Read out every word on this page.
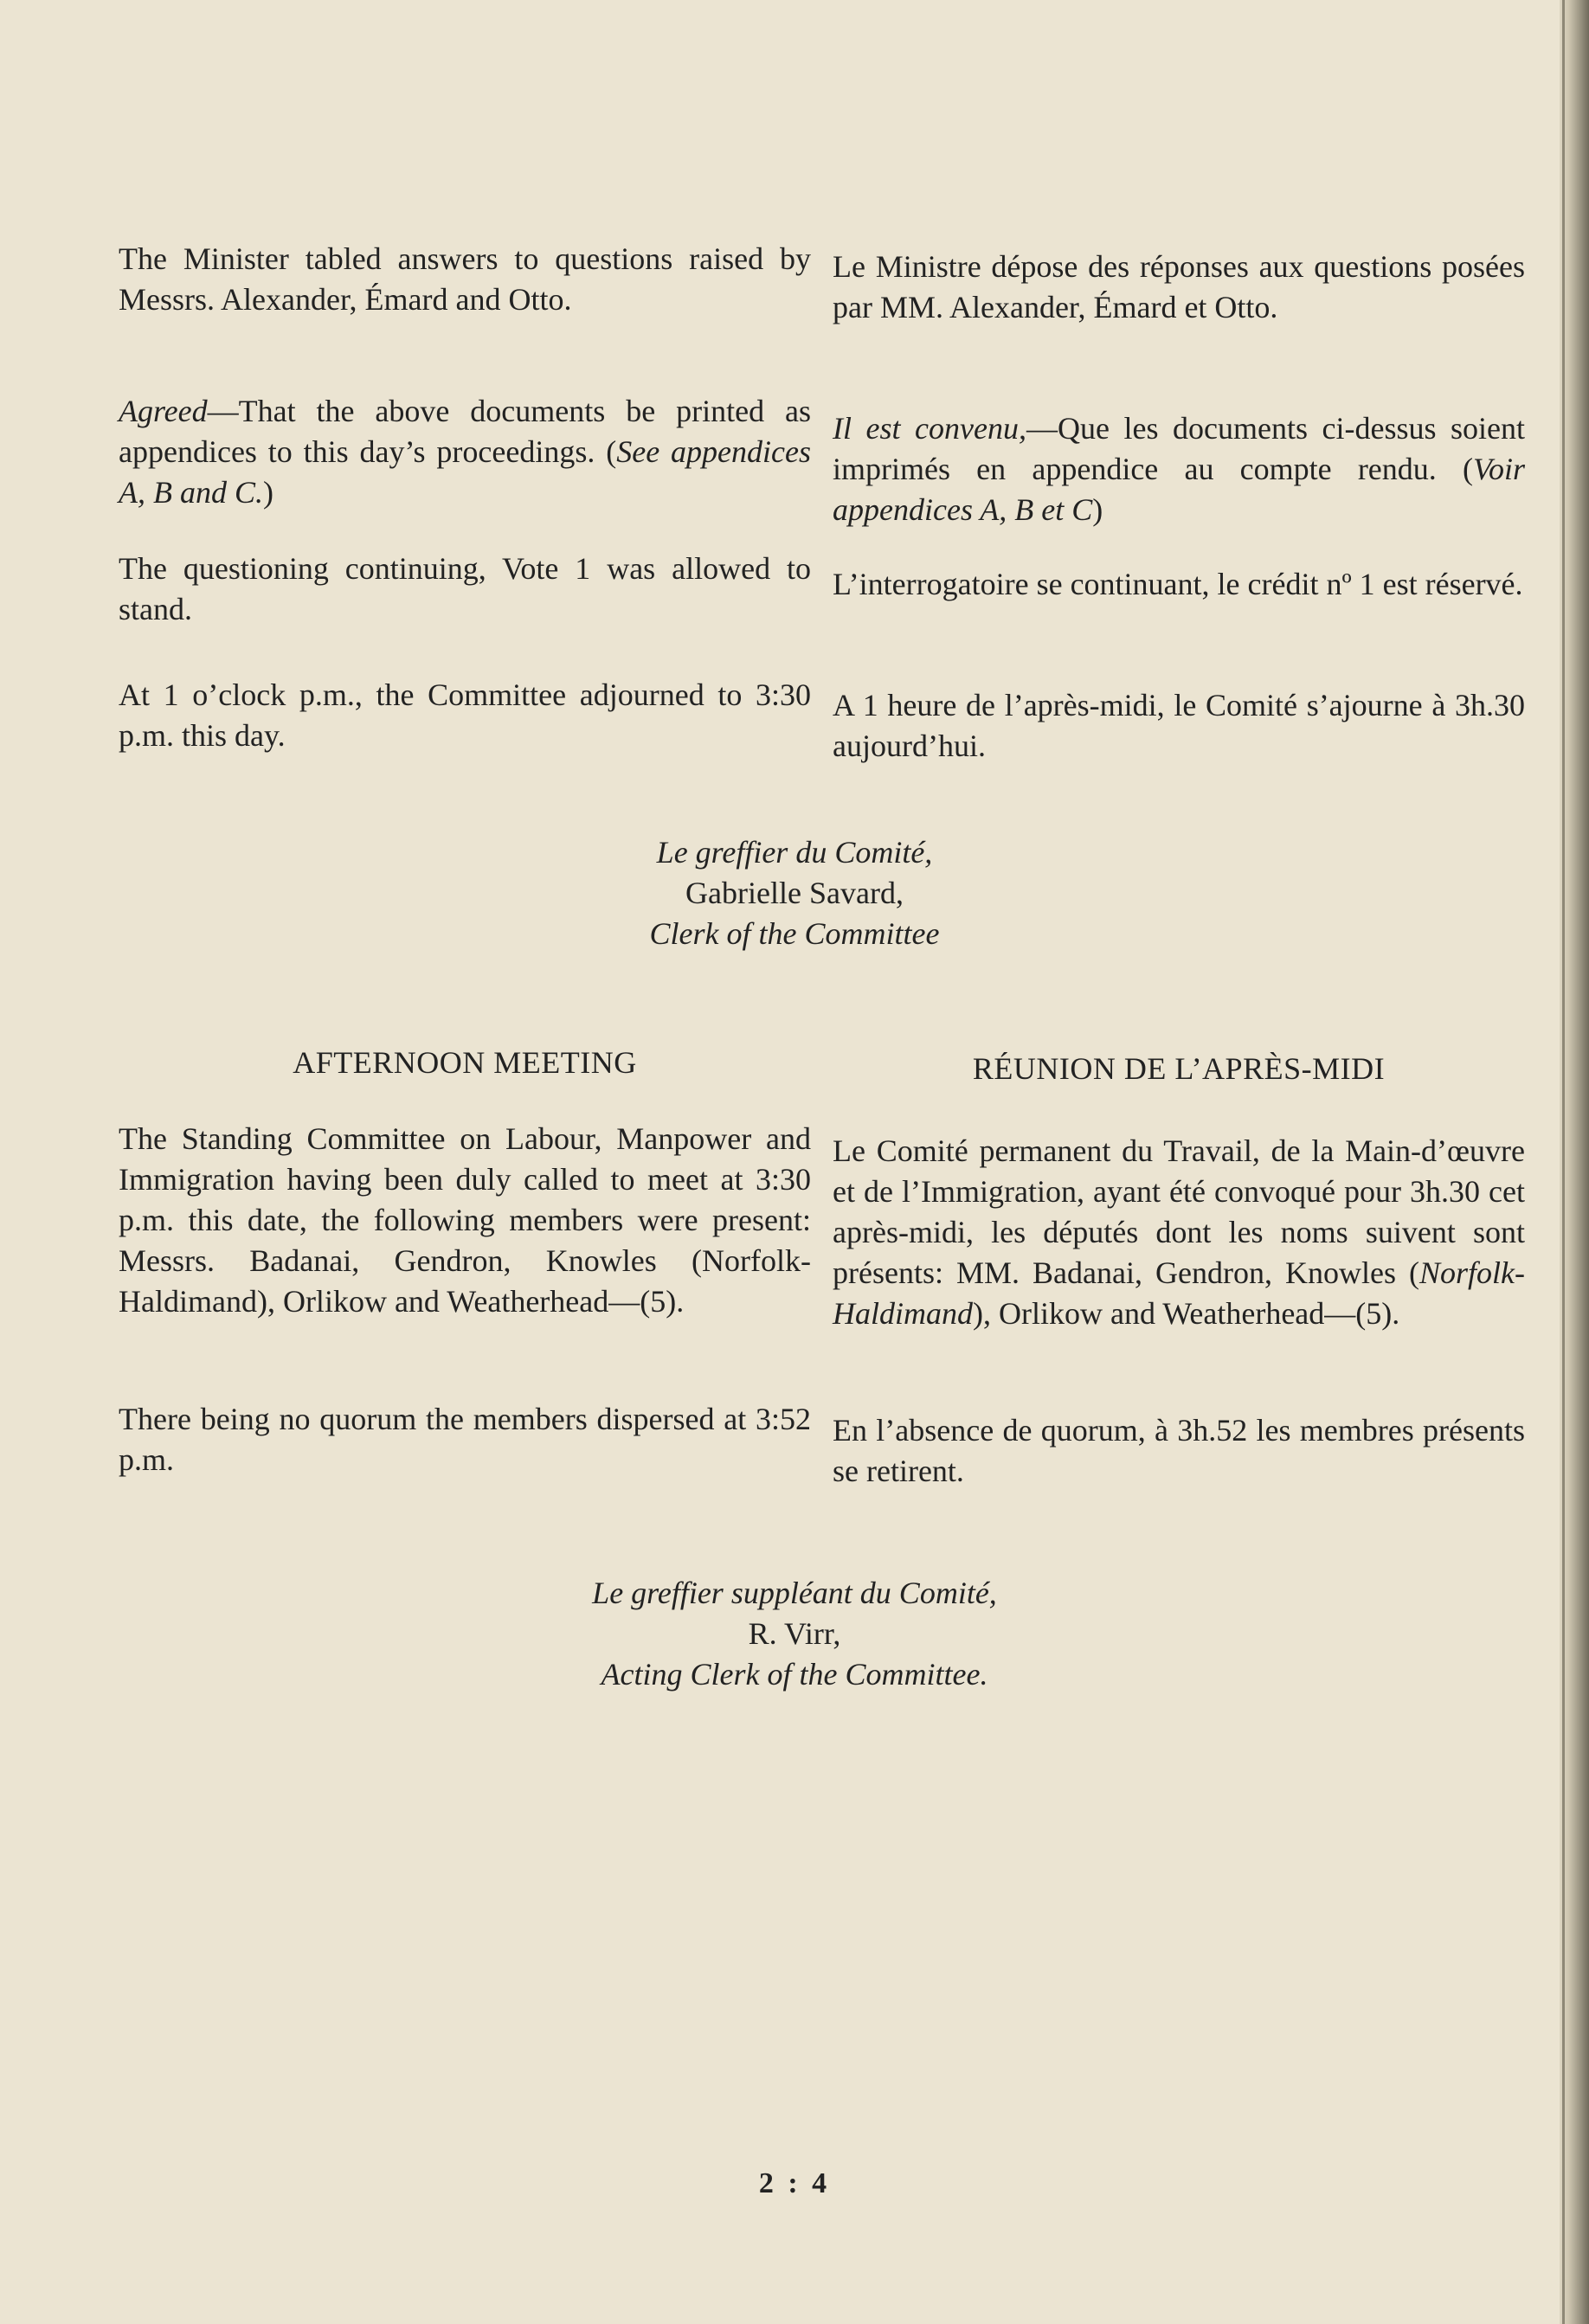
The Minister tabled answers to questions raised by Messrs. Alexander, Émard and Otto.

Agreed—That the above documents be printed as appendices to this day’s proceedings. (See appendices A, B and C.)

The questioning continuing, Vote 1 was allowed to stand.

At 1 o’clock p.m., the Committee adjourned to 3:30 p.m. this day.

AFTERNOON MEETING

The Standing Committee on Labour, Manpower and Immigration having been duly called to meet at 3:30 p.m. this date, the following members were present: Messrs. Badanai, Gendron, Knowles (Norfolk-Haldimand), Orlikow and Weatherhead—(5).

There being no quorum the members dispersed at 3:52 p.m.

Le Ministre dépose des réponses aux questions posées par MM. Alexander, Émard et Otto.

Il est convenu,—Que les documents ci-dessus soient imprimés en appendice au compte rendu. (Voir appendices A, B et C)

L’interrogatoire se continuant, le crédit nº 1 est réservé.

A 1 heure de l’après-midi, le Comité s’ajourne à 3h.30 aujourd’hui.

RÉUNION DE L’APRÈS-MIDI

Le Comité permanent du Travail, de la Main-d’œuvre et de l’Immigration, ayant été convoqué pour 3h.30 cet après-midi, les députés dont les noms suivent sont présents: MM. Badanai, Gendron, Knowles (Norfolk-Haldimand), Orlikow and Weatherhead—(5).

En l’absence de quorum, à 3h.52 les membres présents se retirent.

Le greffier du Comité,
Gabrielle Savard,
Clerk of the Committee
Le greffier suppléant du Comité,
R. Virr,
Acting Clerk of the Committee.
2 : 4
